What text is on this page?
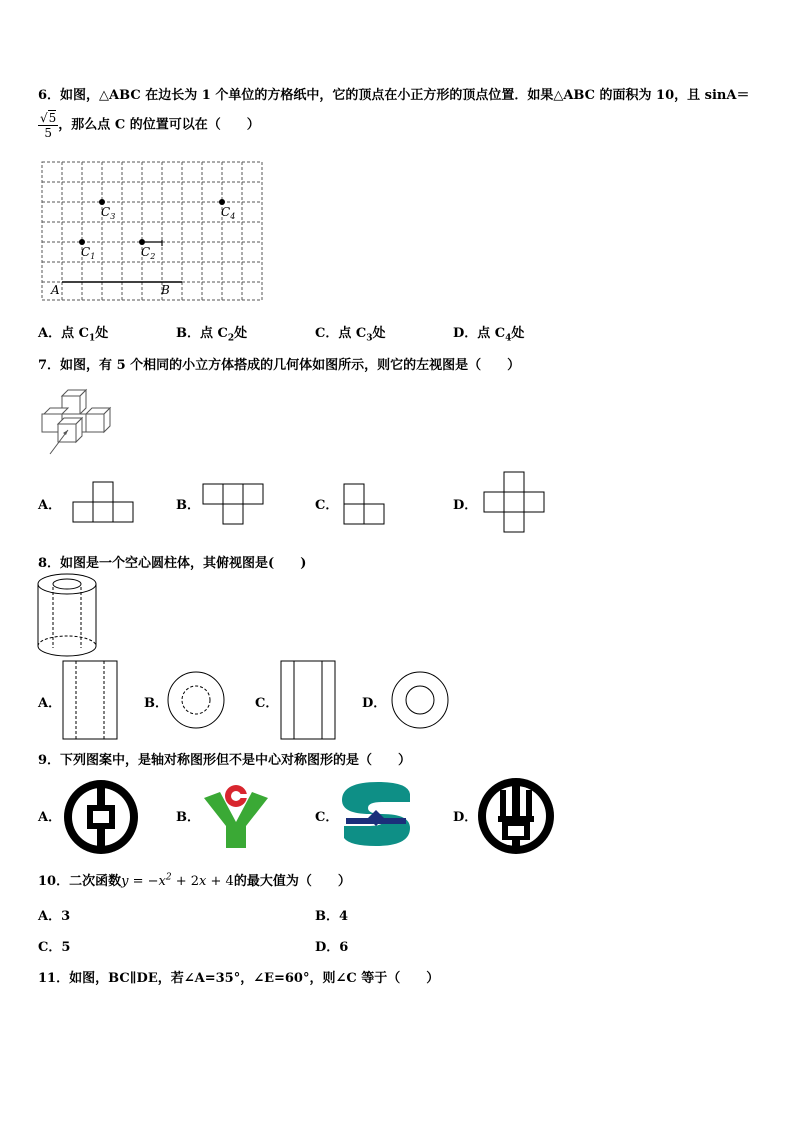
6．如图，△ABC 在边长为 1 个单位的方格纸中，它的顶点在小正方形的顶点位置．如果△ABC 的面积为 10，且 sinA＝
$\frac{√5}{5}$ ，那么点 C 的位置可以在（　　）
A	B
$C_3$	$C_4$
$C_1$	$C_2$
A．点 $C_1$处	B．点 $C_2$处	C．点 $C_3$处	D．点 $C_4$处
7．如图，有 5 个相同的小立方体搭成的几何体如图所示，则它的左视图是（　　）
A．	B．	C．	D．
8．如图是一个空心圆柱体，其俯视图是(　　)
A．	B．	C．	D．
9．下列图案中，是轴对称图形但不是中心对称图形的是（　　）
A．	B．	C．	D．
10．二次函数$y = -x^2 + 2x + 4$的最大值为（　　）
A．3	B．4
C．5	D．6
11．如图，BC∥DE，若∠A=35°，∠E=60°，则∠C 等于（　　）
